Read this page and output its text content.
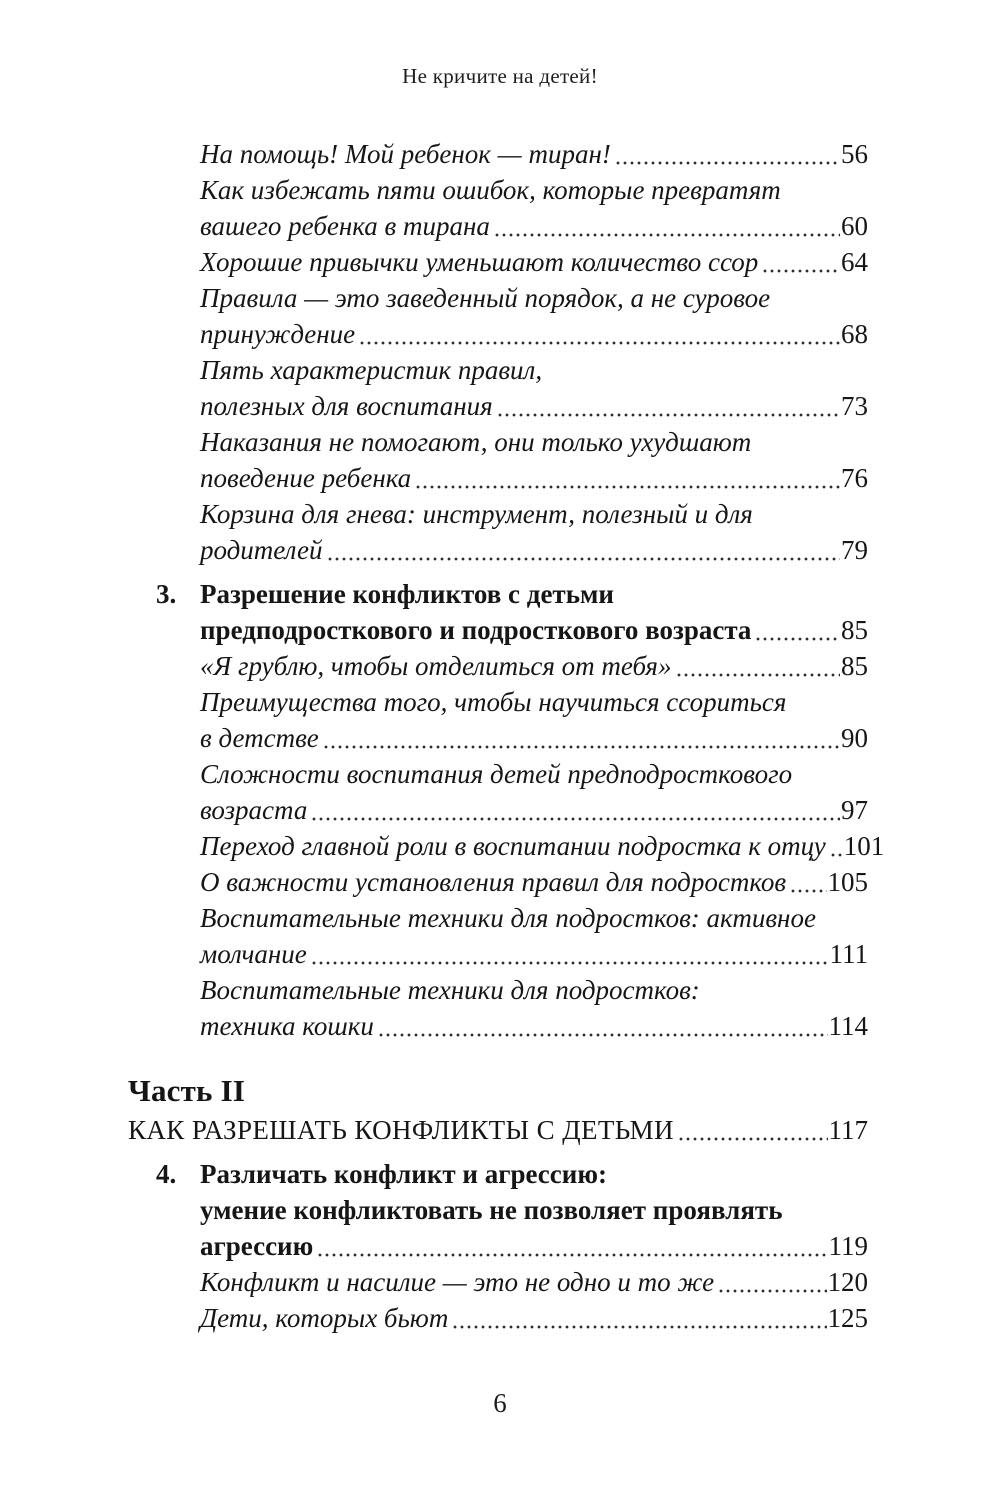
Не кричите на детей!
На помощь! Мой ребенок — тиран!	56
Как избежать пяти ошибок, которые превратят
вашего ребенка в тирана	60
Хорошие привычки уменьшают количество ссор	64
Правила — это заведенный порядок, а не суровое
принуждение	68
Пять характеристик правил,
полезных для воспитания	73
Наказания не помогают, они только ухудшают
поведение ребенка	76
Корзина для гнева: инструмент, полезный и для
родителей	79
3. Разрешение конфликтов с детьми
предподросткового и подросткового возраста	85
«Я грублю, чтобы отделиться от тебя»	85
Преимущества того, чтобы научиться ссориться
в детстве	90
Сложности воспитания детей предподросткового
возраста	97
Переход главной роли в воспитании подростка к отцу 101
О важности установления правил для подростков 105
Воспитательные техники для подростков: активное
молчание	111
Воспитательные техники для подростков:
техника кошки	114
Часть II
КАК РАЗРЕШАТЬ КОНФЛИКТЫ С ДЕТЬМИ	117
4. Различать конфликт и агрессию:
умение конфликтовать не позволяет проявлять
агрессию	119
Конфликт и насилие — это не одно и то же	120
Дети, которых бьют	125
6
